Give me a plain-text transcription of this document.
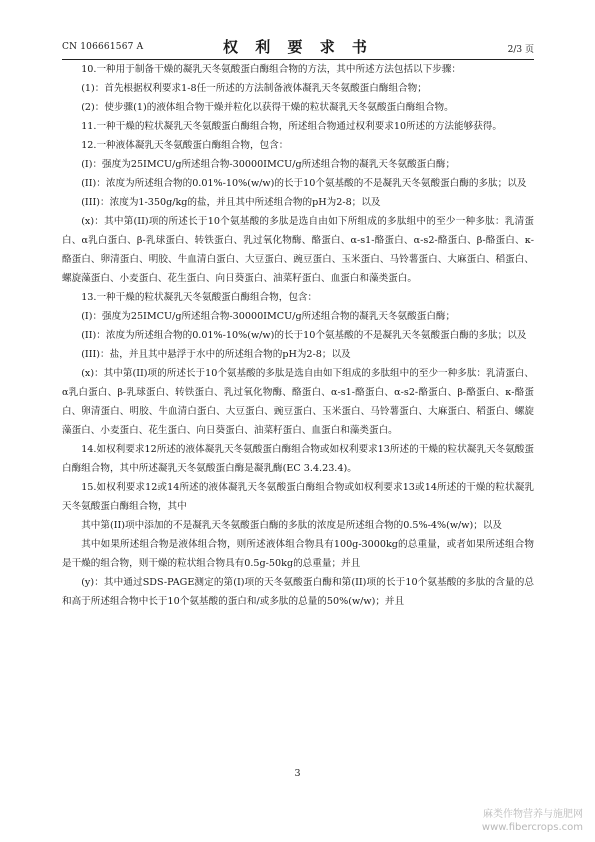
CN 106661567 A	权 利 要 求 书	2/3 页

10.一种用于制备干燥的凝乳天冬氨酸蛋白酶组合物的方法，其中所述方法包括以下步骤：

(1)：首先根据权利要求1-8任一所述的方法制备液体凝乳天冬氨酸蛋白酶组合物；

(2)：使步骤(1)的液体组合物干燥并粒化以获得干燥的粒状凝乳天冬氨酸蛋白酶组合物。

11.一种干燥的粒状凝乳天冬氨酸蛋白酶组合物，所述组合物通过权利要求10所述的方法能够获得。

12.一种液体凝乳天冬氨酸蛋白酶组合物，包含：

(I)：强度为25IMCU/g所述组合物-30000IMCU/g所述组合物的凝乳天冬氨酸蛋白酶；

(II)：浓度为所述组合物的0.01%-10%(w/w)的长于10个氨基酸的不是凝乳天冬氨酸蛋白酶的多肽；以及

(III)：浓度为1-350g/kg的盐，并且其中所述组合物的pH为2-8；以及

(x)：其中第(II)项的所述长于10个氨基酸的多肽是选自由如下所组成的多肽组中的至少一种多肽：乳清蛋白、α乳白蛋白、β-乳球蛋白、转铁蛋白、乳过氧化物酶、酪蛋白、α-s1-酪蛋白、α-s2-酪蛋白、β-酪蛋白、κ-酪蛋白、卵清蛋白、明胶、牛血清白蛋白、大豆蛋白、豌豆蛋白、玉米蛋白、马铃薯蛋白、大麻蛋白、稻蛋白、螺旋藻蛋白、小麦蛋白、花生蛋白、向日葵蛋白、油菜籽蛋白、血蛋白和藻类蛋白。

13.一种干燥的粒状凝乳天冬氨酸蛋白酶组合物，包含：

(I)：强度为25IMCU/g所述组合物-30000IMCU/g所述组合物的凝乳天冬氨酸蛋白酶；

(II)：浓度为所述组合物的0.01%-10%(w/w)的长于10个氨基酸的不是凝乳天冬氨酸蛋白酶的多肽；以及

(III)：盐，并且其中悬浮于水中的所述组合物的pH为2-8；以及

(x)：其中第(II)项的所述长于10个氨基酸的多肽是选自由如下组成的多肽组中的至少一种多肽：乳清蛋白、α乳白蛋白、β-乳球蛋白、转铁蛋白、乳过氧化物酶、酪蛋白、α-s1-酪蛋白、α-s2-酪蛋白、β-酪蛋白、κ-酪蛋白、卵清蛋白、明胶、牛血清白蛋白、大豆蛋白、豌豆蛋白、玉米蛋白、马铃薯蛋白、大麻蛋白、稻蛋白、螺旋藻蛋白、小麦蛋白、花生蛋白、向日葵蛋白、油菜籽蛋白、血蛋白和藻类蛋白。

14.如权利要求12所述的液体凝乳天冬氨酸蛋白酶组合物或如权利要求13所述的干燥的粒状凝乳天冬氨酸蛋白酶组合物，其中所述凝乳天冬氨酸蛋白酶是凝乳酶(EC 3.4.23.4)。

15.如权利要求12或14所述的液体凝乳天冬氨酸蛋白酶组合物或如权利要求13或14所述的干燥的粒状凝乳天冬氨酸蛋白酶组合物，其中

其中第(II)项中添加的不是凝乳天冬氨酸蛋白酶的多肽的浓度是所述组合物的0.5%-4%(w/w)；以及

其中如果所述组合物是液体组合物，则所述液体组合物具有100g-3000kg的总重量，或者如果所述组合物是干燥的组合物，则干燥的粒状组合物具有0.5g-50kg的总重量；并且

(y)：其中通过SDS-PAGE测定的第(I)项的天冬氨酸蛋白酶和第(II)项的长于10个氨基酸的多肽的含量的总和高于所述组合物中长于10个氨基酸的蛋白和/或多肽的总量的50%(w/w)；并且

3
麻类作物营养与施肥网
www.fibercrops.com
